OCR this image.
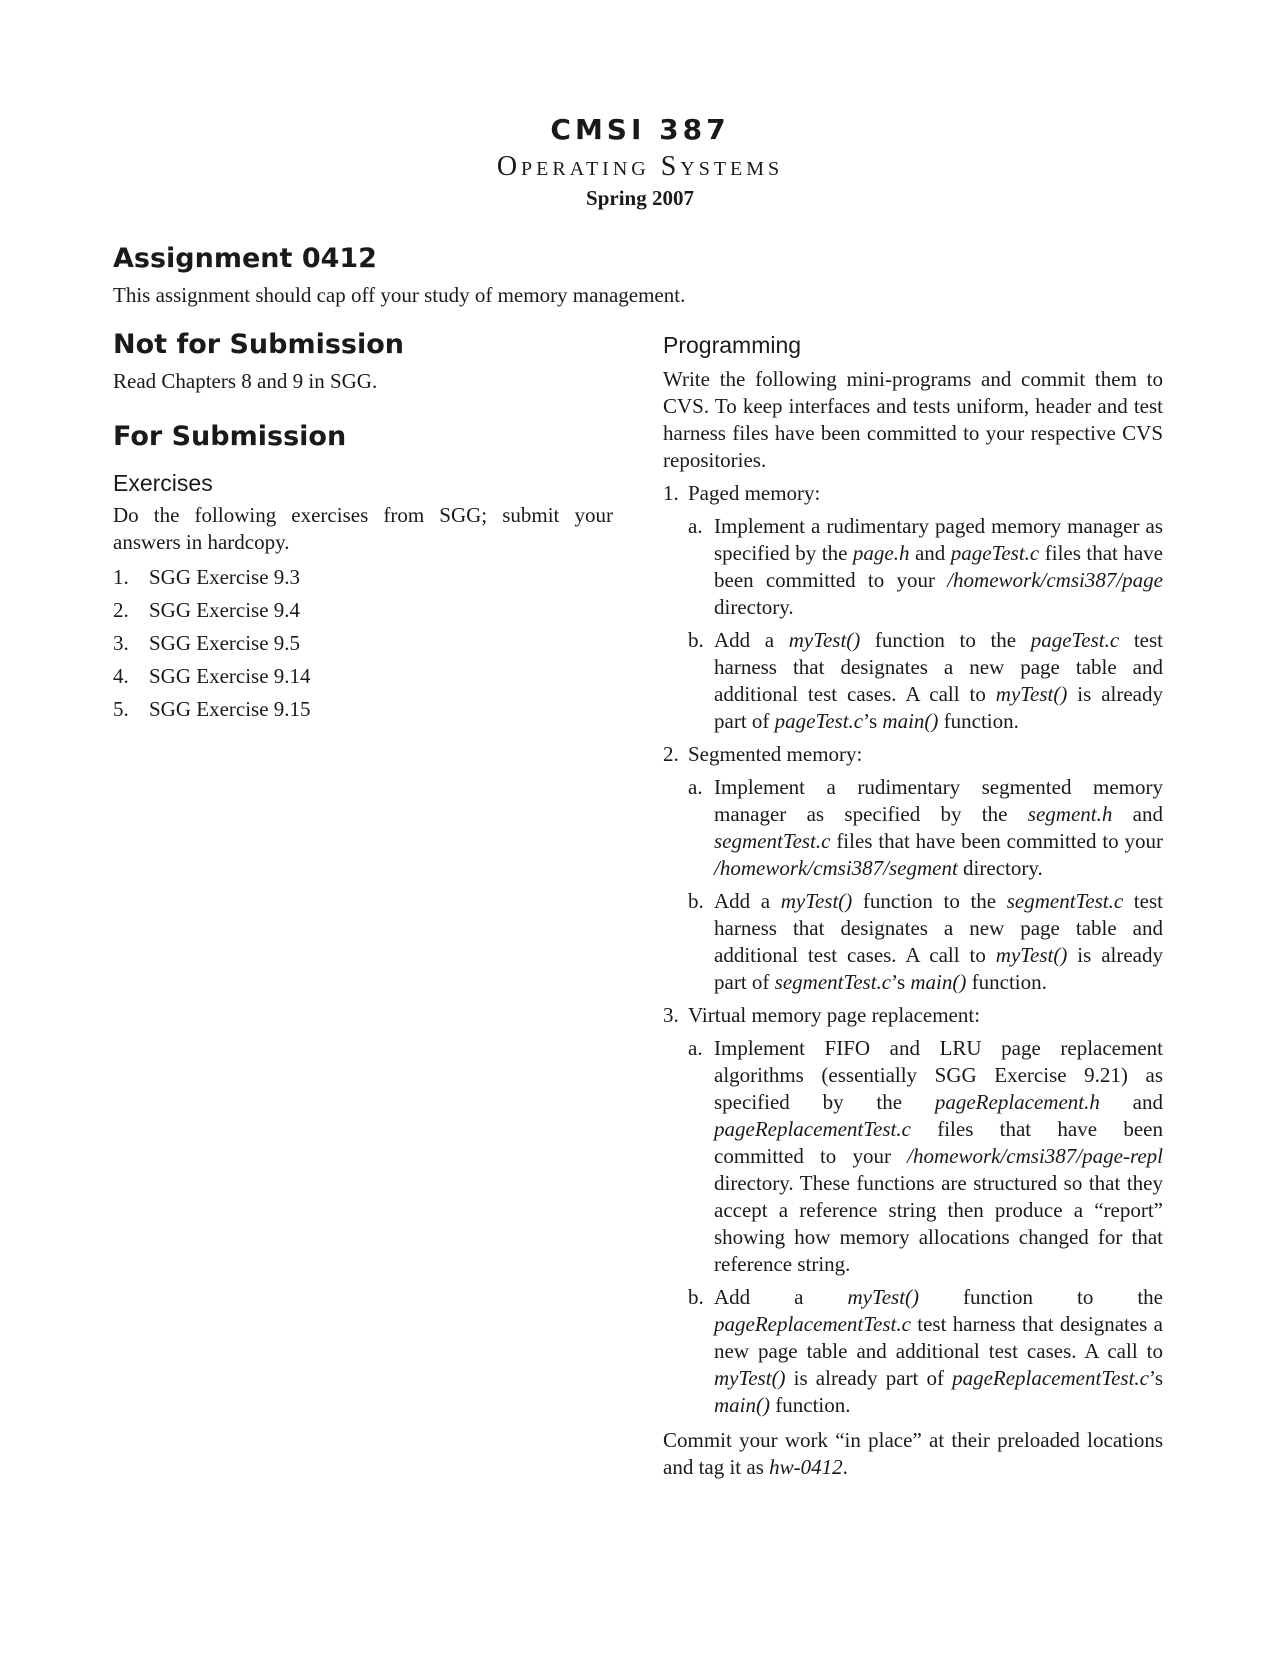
CMSI 387
Operating Systems
Spring 2007
Assignment 0412

This assignment should cap off your study of memory management.

Not for Submission

Read Chapters 8 and 9 in SGG.

For Submission
Exercises

Do the following exercises from SGG; submit your answers in hardcopy.

1. SGG Exercise 9.3
2. SGG Exercise 9.4
3. SGG Exercise 9.5
4. SGG Exercise 9.14
5. SGG Exercise 9.15
Programming

Write the following mini-programs and commit them to CVS. To keep interfaces and tests uniform, header and test harness files have been committed to your respective CVS repositories.

1. Paged memory:
a. Implement a rudimentary paged memory manager as specified by the page.h and pageTest.c files that have been committed to your /homework/cmsi387/page directory.
b. Add a myTest() function to the pageTest.c test harness that designates a new page table and additional test cases. A call to myTest() is already part of pageTest.c’s main() function.
2. Segmented memory:
a. Implement a rudimentary segmented memory manager as specified by the segment.h and segmentTest.c files that have been committed to your /homework/cmsi387/segment directory.
b. Add a myTest() function to the segmentTest.c test harness that designates a new page table and additional test cases. A call to myTest() is already part of segmentTest.c’s main() function.
3. Virtual memory page replacement:
a. Implement FIFO and LRU page replacement algorithms (essentially SGG Exercise 9.21) as specified by the pageReplacement.h and pageReplacementTest.c files that have been committed to your /homework/cmsi387/page-repl directory. These functions are structured so that they accept a reference string then produce a “report” showing how memory allocations changed for that reference string.
b. Add a myTest() function to the pageReplacementTest.c test harness that designates a new page table and additional test cases. A call to myTest() is already part of pageReplacementTest.c’s main() function.

Commit your work “in place” at their preloaded locations and tag it as hw-0412.
